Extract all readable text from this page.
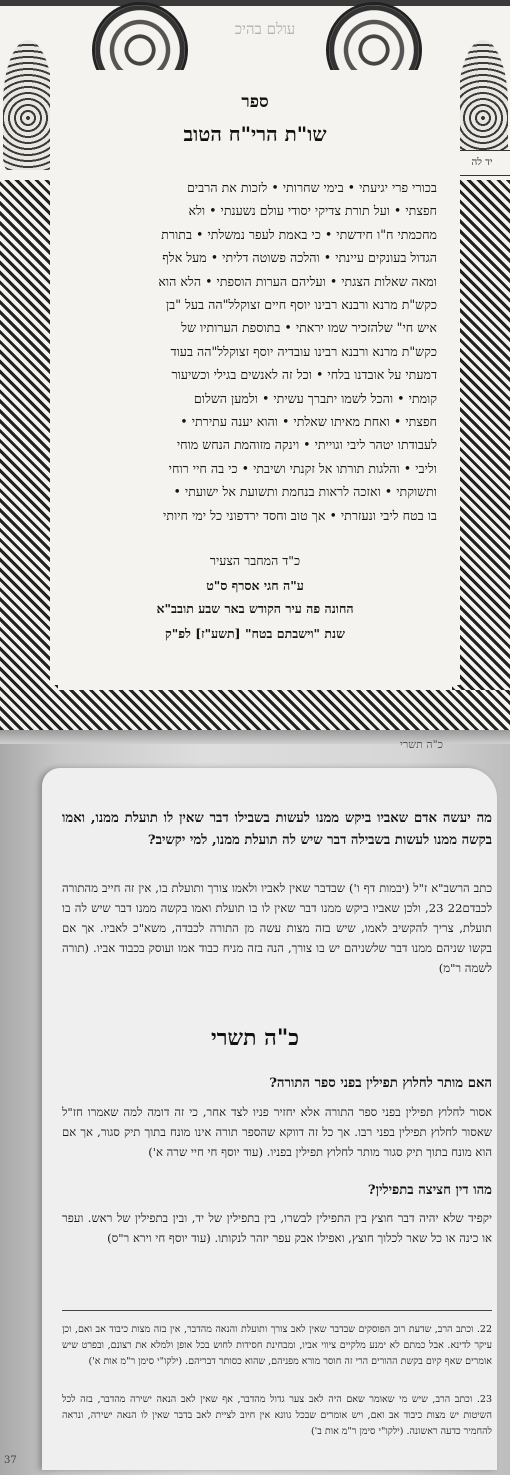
עולם בהיכ
יד לה
ספר
שו"ת הרי"ח הטוב
בכורי פרי יגיעתי • בימי שחרותי • לזכות את הרבים
חפצתי • ועל תורת צדיקי יסודי עולם נשענתי • ולא
מחכמתי ח"ו חידשתי • כי באמת לעפר נמשלתי • בתורת
הגדול בעונקים עיינתי • והלכה פשוטה דליתי • מעל אלף
ומאה שאלות הצגתי • ועליהם הערות הוספתי • הלא הוא
כקש"ת מרנא ורבנא רבינו יוסף חיים זצוקלל"הה בעל "בן
איש חי" שלהזכיר שמו יראתי • בתוספת הערותיו של
כקש"ת מרנא ורבנא רבינו עובדיה יוסף זצוקלל"הה בעוד
דמעתי על אובדנו בלחי • וכל זה לאנשים בגילי וכשיעור
קומתי • והכל לשמו יתברך עשיתי • ולמען השלום
חפצתי • ואחת מאיתו שאלתי • והוא יענה עתירתי •
לעבודתו יטהר ליבי וגוייתי • וינקה מזוהמת הנחש מוחי
וליבי • והלגות תורתו אל זקנתי ושיבתי • כי בה חיי רוחי
ותשוקתי • ואזכה לראות בנחמת ותשועת אל ישועתי •
בו בטח ליבי ונעזרתי • אך טוב וחסד ירדפוני כל ימי חיותי
כ"ד המחבר הצעיר
ע"ה חגי אסרף ס"ט
החונה פה עיר הקודש באר שבע תובב"א
שנת "וישבתם בטח" [תשע"ז] לפ"ק
כ"ה תשרי
מה יעשה אדם שאביו ביקש ממנו לעשות בשבילו דבר שאין לו תועלת ממנו, ואמו בקשה ממנו לעשות בשבילה דבר שיש לה תועלת ממנו, למי יקשיב?
כתב הרשב"א ז"ל (יבמות דף ו') שבדבר שאין לאביו ולאמו צורך ותועלת בו, אין זה חייב מהתורה לכבדם22 23, ולכן שאביו ביקש ממנו דבר שאין לו בו תועלת ואמו בקשה ממנו דבר שיש לה בו תועלת, צריך להקשיב לאמו, שיש בזה מצות עשה מן התורה לכבדה, משא"כ לאביו. אך אם בקשו שניהם ממנו דבר שלשניהם יש בו צורך, הנה בזה מניח כבוד אמו ועוסק בכבוד אביו. (תורה לשמה ר"מ)
כ"ה תשרי
האם מותר לחלוץ תפילין בפני ספר התורה?
אסור לחלוץ תפילין בפני ספר התורה אלא יחזיר פניו לצד אחר, כי זה דומה למה שאמרו חז"ל שאסור לחלוץ תפילין בפני רבו. אך כל זה דווקא שהספר תורה אינו מונח בתוך תיק סגור, אך אם הוא מונח בתוך תיק סגור מותר לחלוץ תפילין בפניו. (עוד יוסף חי חיי שרה א')
מהו דין חציצה בתפילין?
יקפיד שלא יהיה דבר חוצץ בין התפילין לבשרו, בין בתפילין של יד, ובין בתפילין של ראש. ועפר או כינה או כל שאר לכלוך חוצץ, ואפילו אבק עפר יזהר לנקותו. (עוד יוסף חי וירא ר"ס)
22. וכתב הרב, שדעת רוב הפוסקים שבדבר שאין לאב צורך ותועלת והנאה מהדבר, אין בזה מצות כיבוד אב ואם, וכן עיקר לדינא. אבל כמתם לא ימנע מלקיים ציווי אביו, ומבחינת חסידות לחוש בכל אופן ולמלא את רצונם, ובפרט שיש אומרים שאף קיום בקשת ההורים הרי זה חוסר מורא מפניהם, שהוא כסותר דבריהם. (ילקו"י סימן ר"מ אות א')
23. וכתב הרב, שיש מי שאומר שאם היה לאב צער גדול מהדבר, אף שאין לאב הנאה ישירה מהדבר, בזה לכל השיטות יש מצות כיבוד אב ואם, ויש אומרים שבכל גוונא אין חיוב לציית לאב בדבר שאין לו הנאה ישירה, ונראה להחמיר כדעה ראשונה. (ילקו"י סימן ר"מ אות ב')
37
